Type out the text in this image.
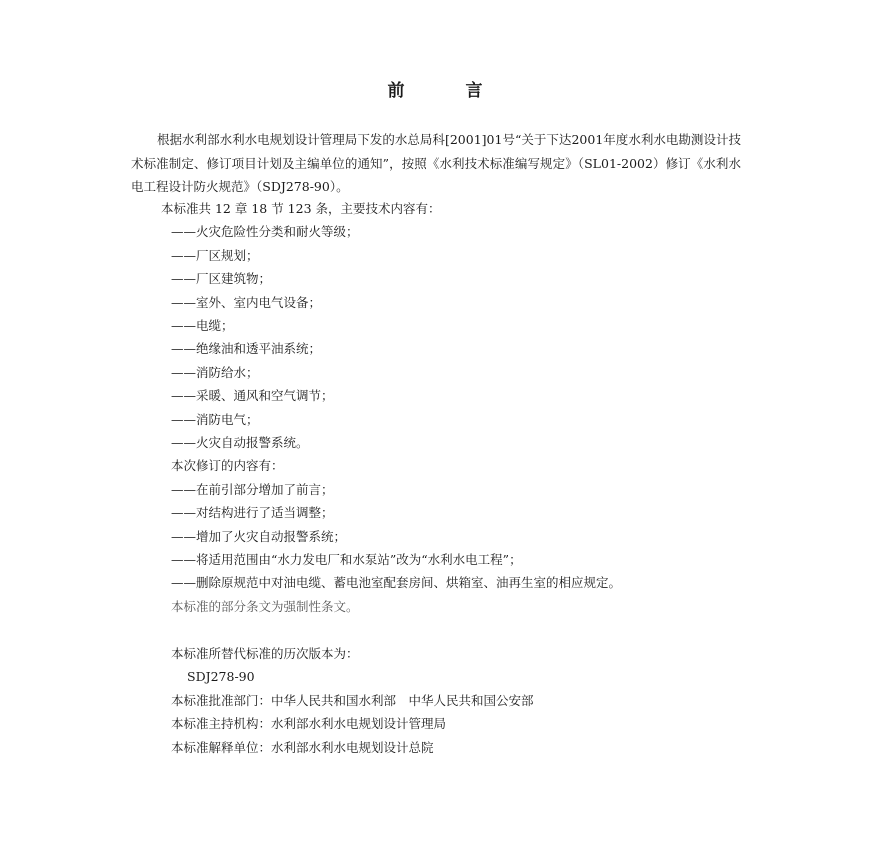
前　言
根据水利部水利水电规划设计管理局下发的水总局科[2001]01号“关于下达2001年度水利水电勘测设计技术标准制定、修订项目计划及主编单位的通知”，按照《水利技术标准编写规定》（SL01-2002）修订《水利水电工程设计防火规范》（SDJ278-90）。
本标准共 12 章 18 节 123 条，主要技术内容有：
——火灾危险性分类和耐火等级；
——厂区规划；
——厂区建筑物；
——室外、室内电气设备；
——电缆；
——绝缘油和透平油系统；
——消防给水；
——采暖、通风和空气调节；
——消防电气；
——火灾自动报警系统。
本次修订的内容有：
——在前引部分增加了前言；
——对结构进行了适当调整；
——增加了火灾自动报警系统；
——将适用范围由“水力发电厂和水泵站”改为“水利水电工程”；
——删除原规范中对油电缆、蓄电池室配套房间、烘箱室、油再生室的相应规定。
本标准的部分条文为强制性条文。
本标准所替代标准的历次版本为：
SDJ278-90
本标准批准部门：中华人民共和国水利部　中华人民共和国公安部
本标准主持机构：水利部水利水电规划设计管理局
本标准解释单位：水利部水利水电规划设计总院
